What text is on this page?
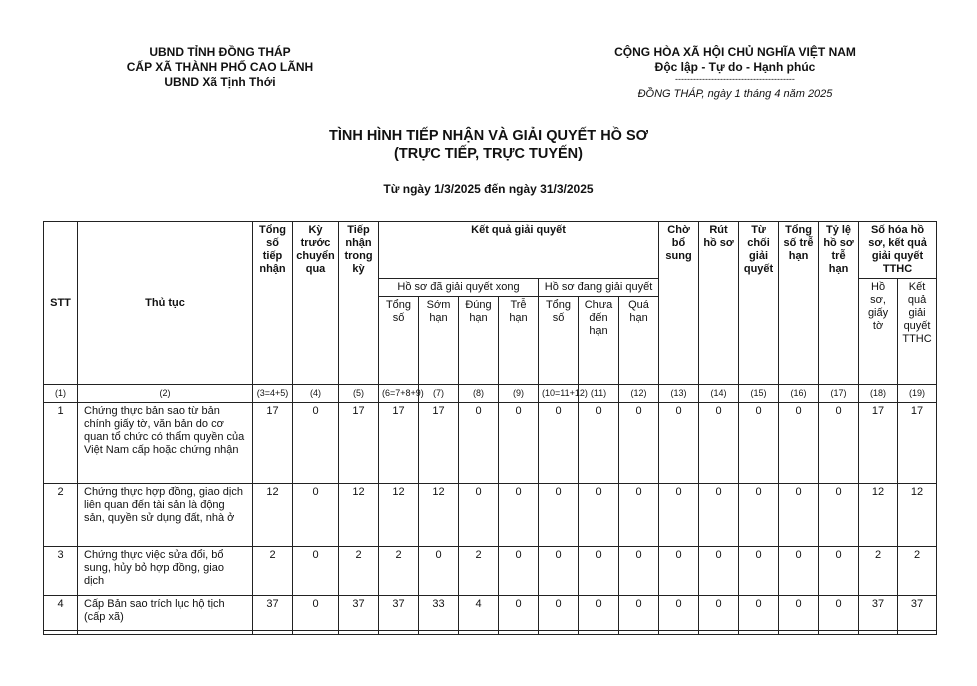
UBND TỈNH ĐỒNG THÁP
CẤP XÃ THÀNH PHỐ CAO LÃNH
UBND Xã Tịnh Thới
CỘNG HÒA XÃ HỘI CHỦ NGHĨA VIỆT NAM
Độc lập - Tự do - Hạnh phúc
----------------------------------------
ĐỒNG THÁP, ngày 1 tháng 4 năm 2025
TÌNH HÌNH TIẾP NHẬN VÀ GIẢI QUYẾT HỒ SƠ
(TRỰC TIẾP, TRỰC TUYẾN)
Từ ngày 1/3/2025 đến ngày 31/3/2025
STT	Thủ tục	Tổng số tiếp nhận	Kỳ trước chuyển qua	Tiếp nhận trong kỳ	Kết quả giải quyết							Chờ bổ sung	Rút hồ sơ	Từ chối giải quyết	Tổng số trễ hạn	Tỷ lệ hồ sơ trễ hạn	Số hóa hồ sơ, kết quả giải quyết TTHC	
					Hồ sơ đã giải quyết xong				Hồ sơ đang giải quyết								Hồ sơ, giấy tờ	Kết quả giải quyết TTHC
					Tổng số	Sớm hạn	Đúng hạn	Trễ hạn	Tổng số	Chưa đến hạn	Quá hạn							
(1)	(2)	(3=4+5)	(4)	(5)	(6=7+8+9)	(7)	(8)	(9)	(10=11+12)	(11)	(12)	(13)	(14)	(15)	(16)	(17)	(18)	(19)
1	Chứng thực bản sao từ bản chính giấy tờ, văn bản do cơ quan tổ chức có thẩm quyền của Việt Nam cấp hoặc chứng nhận	17	0	17	17	17	0	0	0	0	0	0	0	0	0	0	17	17
2	Chứng thực hợp đồng, giao dịch liên quan đến tài sản là động sản, quyền sử dụng đất, nhà ở	12	0	12	12	12	0	0	0	0	0	0	0	0	0	0	12	12
3	Chứng thực việc sửa đổi, bổ sung, hủy bỏ hợp đồng, giao dịch	2	0	2	2	0	2	0	0	0	0	0	0	0	0	0	2	2
4	Cấp Bản sao trích lục hộ tịch (cấp xã)	37	0	37	37	33	4	0	0	0	0	0	0	0	0	0	37	37
